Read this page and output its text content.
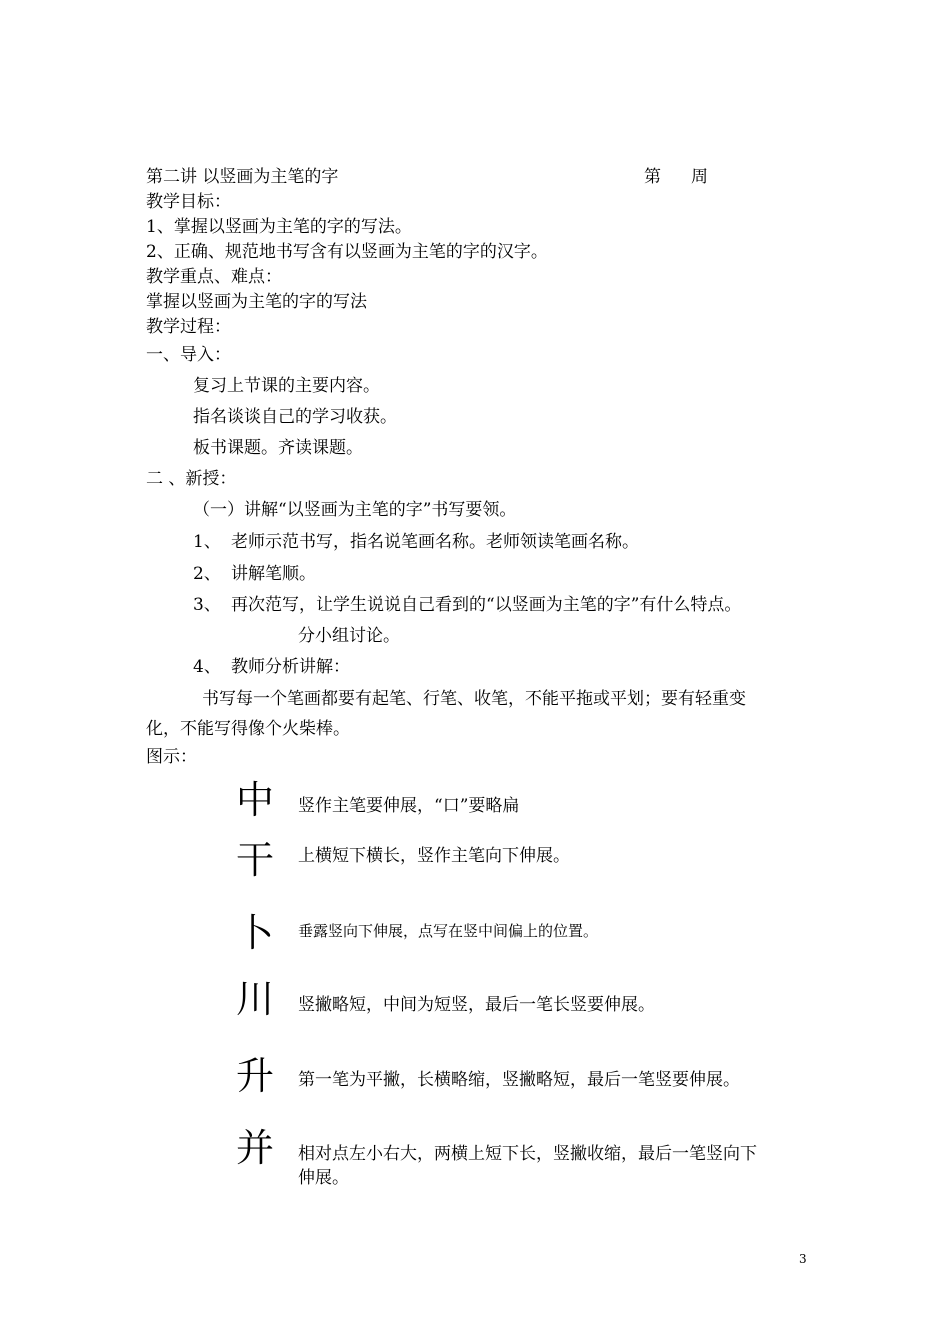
第二讲 以竖画为主笔的字	第 周
教学目标：
1、掌握以竖画为主笔的字的写法。
2、正确、规范地书写含有以竖画为主笔的字的汉字。
教学重点、难点：
掌握以竖画为主笔的字的写法
教学过程：
一、导入：
复习上节课的主要内容。
指名谈谈自己的学习收获。
板书课题。齐读课题。
二 、新授：
（一）讲解“以竖画为主笔的字”书写要领。
1、 老师示范书写，指名说笔画名称。老师领读笔画名称。
2、 讲解笔顺。
3、 再次范写，让学生说说自己看到的“以竖画为主笔的字”有什么特点。
分小组讨论。
4、 教师分析讲解：
书写每一个笔画都要有起笔、行笔、收笔，不能平拖或平划；要有轻重变
化，不能写得像个火柴棒。
图示：
中 竖作主笔要伸展，“口”要略扁
干 上横短下横长，竖作主笔向下伸展。
卜 垂露竖向下伸展，点写在竖中间偏上的位置。
川 竖撇略短，中间为短竖，最后一笔长竖要伸展。
升 第一笔为平撇，长横略缩，竖撇略短，最后一笔竖要伸展。
并 相对点左小右大，两横上短下长，竖撇收缩，最后一笔竖向下
伸展。
3
